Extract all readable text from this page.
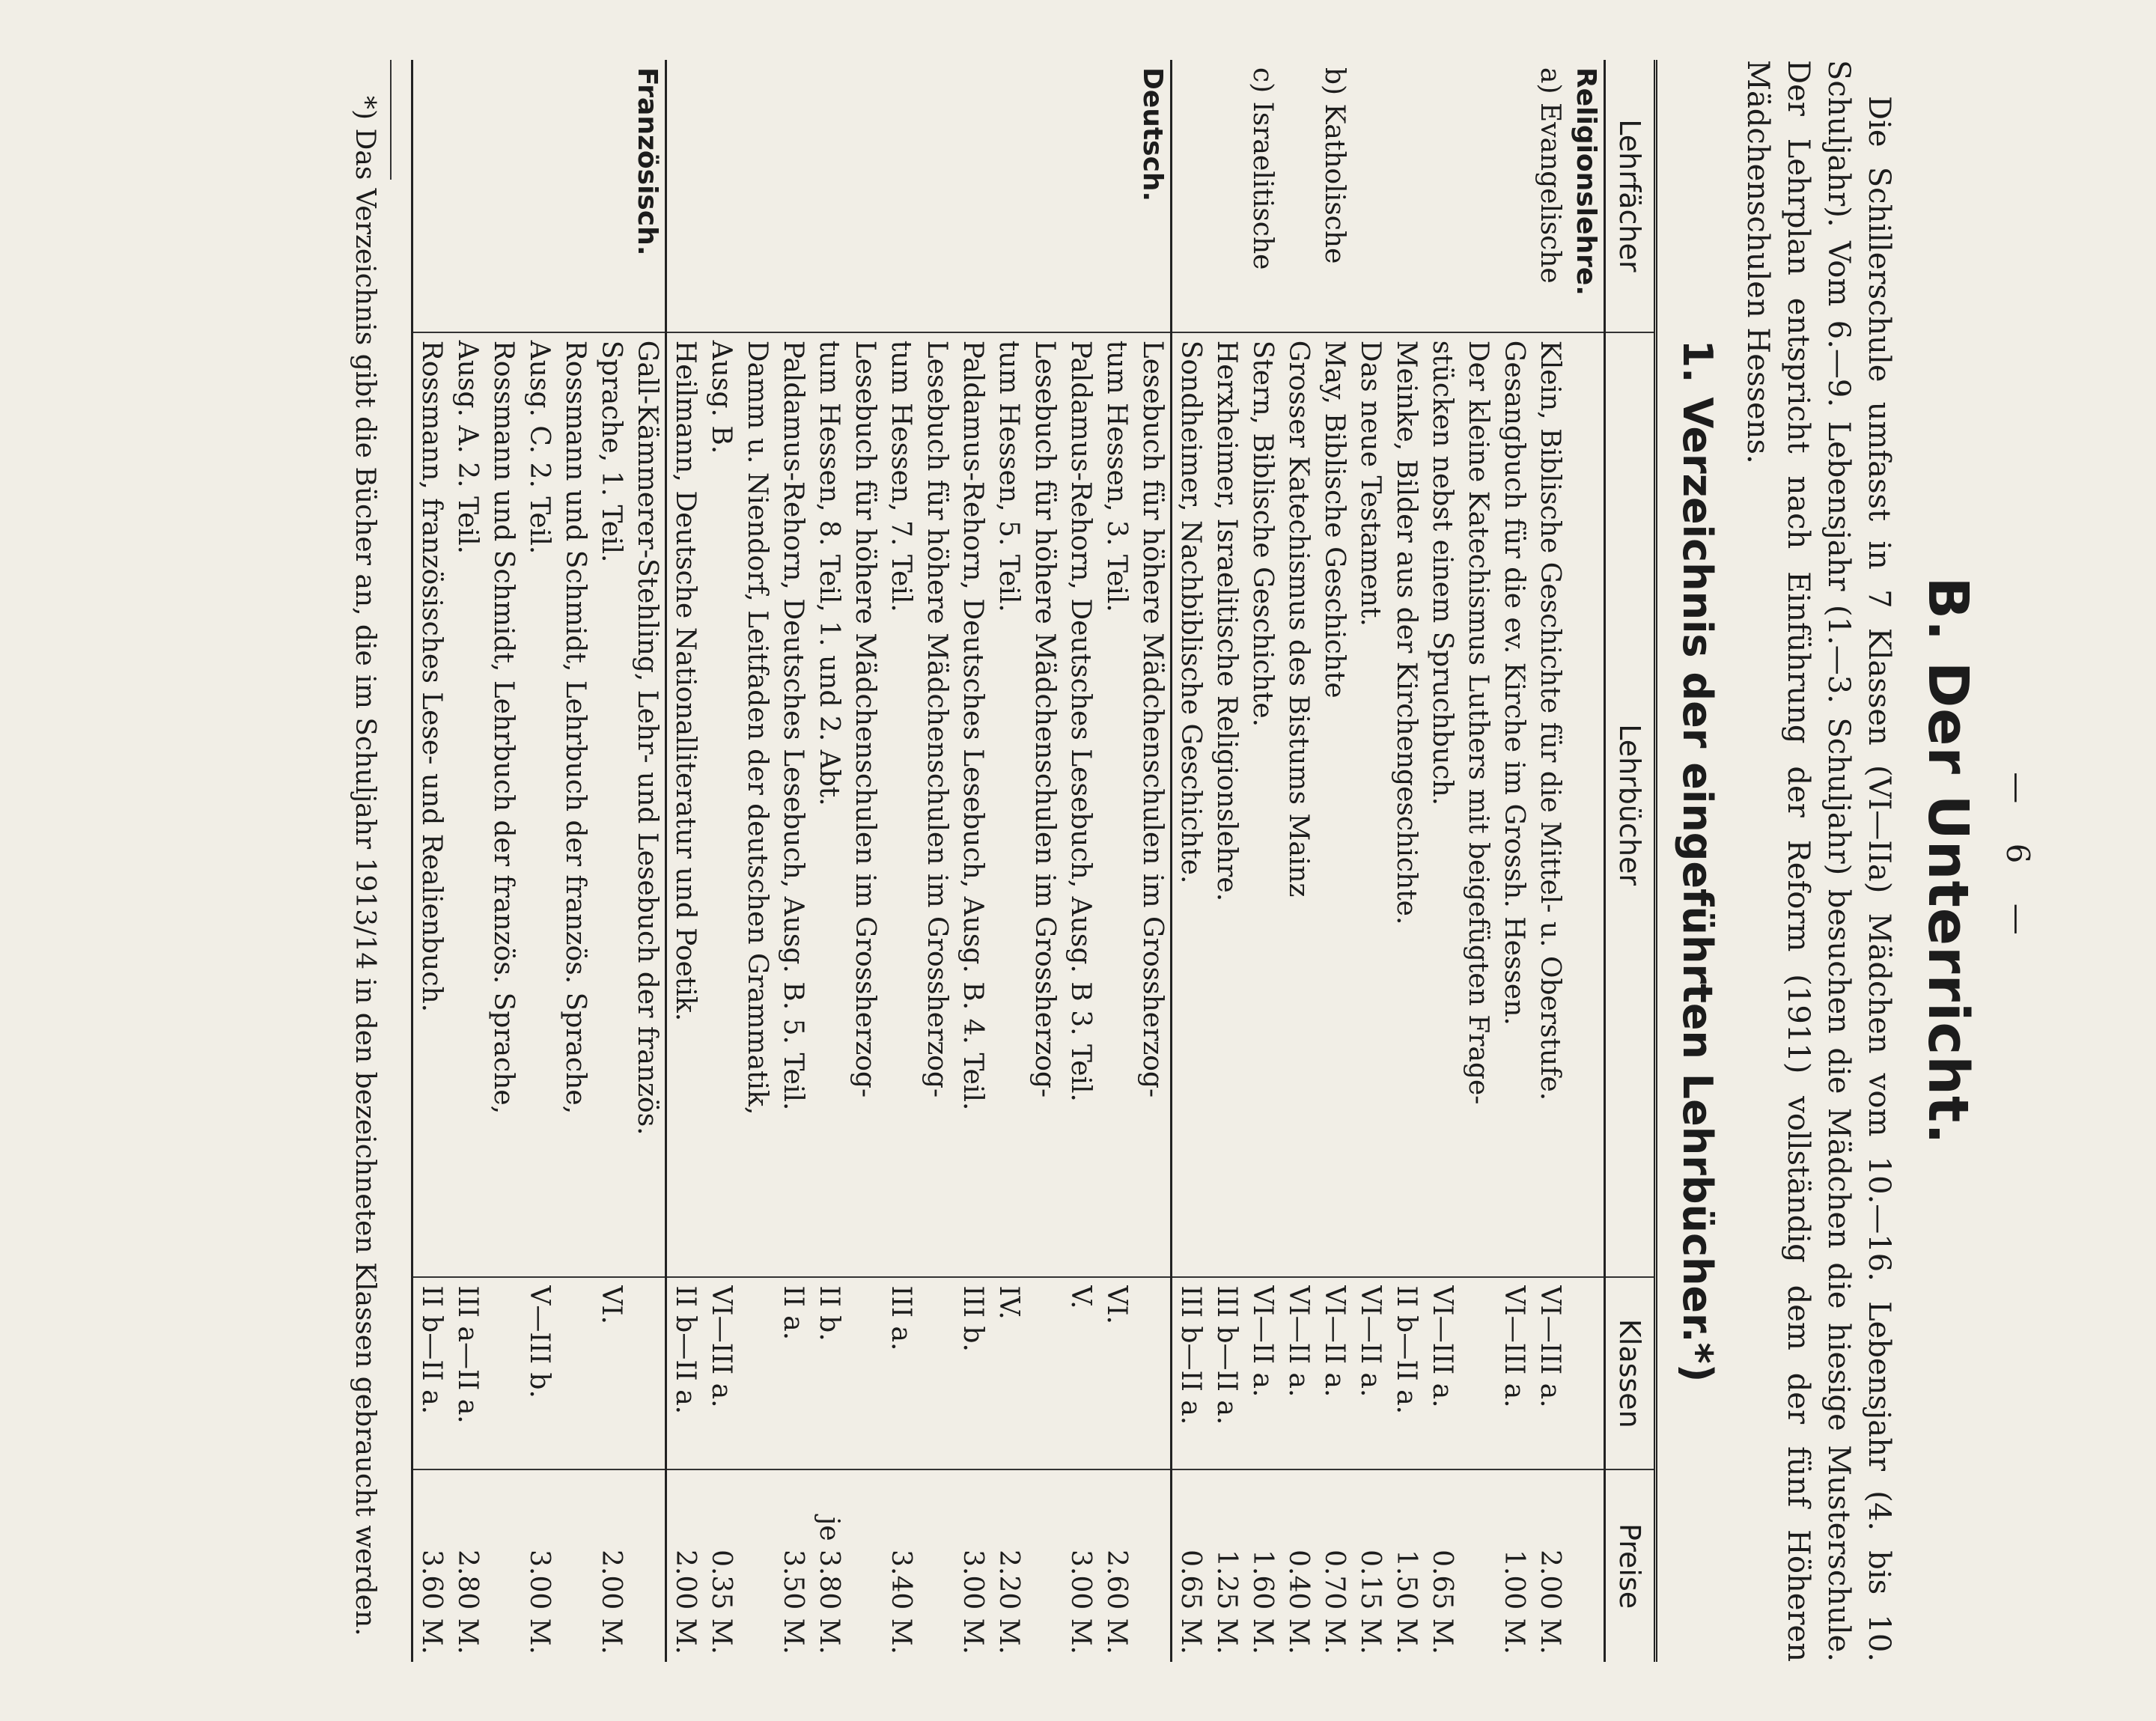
— 6 —
B. Der Unterricht.

Die Schillerschule umfasst in 7 Klassen (VI—IIa) Mädchen vom 10.—16. Lebensjahr (4. bis 10. Schuljahr). Vom 6.—9. Lebensjahr (1.—3. Schuljahr) besuchen die Mädchen die hiesige Musterschule. Der Lehrplan entspricht nach Einführung der Reform (1911) vollständig dem der fünf Höheren Mädchenschulen Hessens.

1. Verzeichnis der eingeführten Lehrbücher.*)
Lehrfächer	Lehrbücher	Klassen	Preise
Religionslehre.			
a) Evangelische	Klein, Biblische Geschichte für die Mittel- u. Oberstufe.	VI—III a.	2.00 M.
	Gesangbuch für die ev. Kirche im Grossh. Hessen.	VI—III a.	1.00 M.
	Der kleine Katechismus Luthers mit beigefügten Frage-		
	stücken nebst einem Spruchbuch.	VI—III a.	0.65 M.
	Meinke, Bilder aus der Kirchengeschichte.	II b—II a.	1.50 M.
	Das neue Testament.	VI—II a.	0.15 M.
b) Katholische	May, Biblische Geschichte	VI—II a.	0.70 M.
	Grosser Katechismus des Bistums Mainz	VI—II a.	0.40 M.
c) Israelitische	Stern, Biblische Geschichte.	VI—II a.	1.60 M.
	Herxheimer, Israelitische Religionslehre.	III b—II a.	1.25 M.
	Sondheimer, Nachbiblische Geschichte.	III b—II a.	0.65 M.
Deutsch.	Lesebuch für höhere Mädchenschulen im Grossherzog-		
	tum Hessen, 3. Teil.	VI.	2.60 M.
	Paldamus-Rehorn, Deutsches Lesebuch, Ausg. B 3. Teil.	V.	3.00 M.
	Lesebuch für höhere Mädchenschulen im Grossherzog-		
	tum Hessen, 5. Teil.	IV.	2.20 M.
	Paldamus-Rehorn, Deutsches Lesebuch, Ausg. B. 4. Teil.	III b.	3.00 M.
	Lesebuch für höhere Mädchenschulen im Grossherzog-		
	tum Hessen, 7. Teil.	III a.	3.40 M.
	Lesebuch für höhere Mädchenschulen im Grossherzog-		
	tum Hessen, 8. Teil, 1. und 2. Abt.	II b.	je 3.80 M.
	Paldamus-Rehorn, Deutsches Lesebuch, Ausg. B. 5. Teil.	II a.	3.50 M.
	Damm u. Niendorf, Leitfaden der deutschen Grammatik,		
	Ausg. B.	VI—III a.	0.35 M.
	Heilmann, Deutsche Nationalliteratur und Poetik.	II b—II a.	2.00 M.
Französisch.	Gall-Kämmerer-Stehling, Lehr- und Lesebuch der französ.		
	Sprache, 1. Teil.	VI.	2.00 M.
	Rossmann und Schmidt, Lehrbuch der französ. Sprache,		
	Ausg. C. 2. Teil.	V—III b.	3.00 M.
	Rossmann und Schmidt, Lehrbuch der französ. Sprache,		
	Ausg. A. 2. Teil.	III a—II a.	2.80 M.
	Rossmann, französisches Lese- und Realienbuch.	II b—II a.	3.60 M.

*) Das Verzeichnis gibt die Bücher an, die im Schuljahr 1913/14 in den bezeichneten Klassen gebraucht werden.
